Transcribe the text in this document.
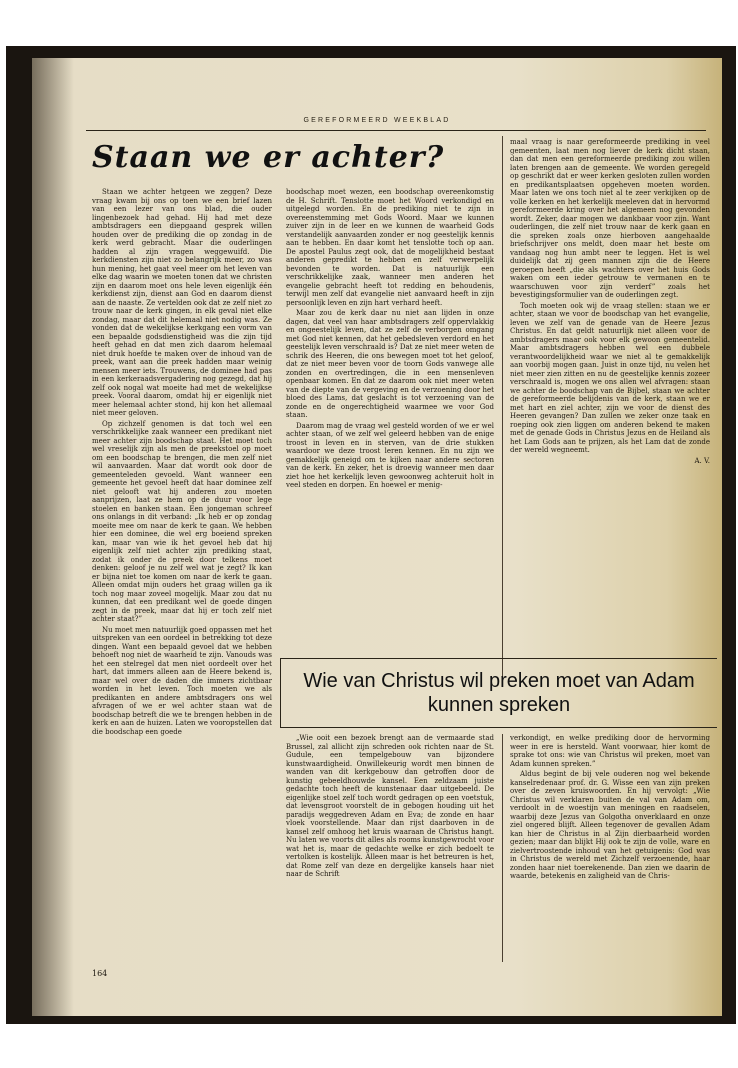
GEREFORMEERD WEEKBLAD
Staan we er achter?

Staan we achter hetgeen we zeggen? Deze vraag kwam bij ons op toen we een brief lazen van een lezer van ons blad, die ouder lingenbezoek had gehad. Hij had met deze ambtsdragers een diepgaand gesprek willen houden over de prediking die op zondag in de kerk werd gebracht. Maar die ouderlingen hadden al zijn vragen weggewuifd. Die kerkdiensten zijn niet zo belangrijk meer, zo was hun mening, het gaat veel meer om het leven van elke dag waarin we moeten tonen dat we christen zijn en daarom moet ons hele leven eigenlijk één kerkdienst zijn, dienst aan God en daarom dienst aan de naaste. Ze vertelden ook dat ze zelf niet zo trouw naar de kerk gingen, in elk geval niet elke zondag, maar dat dit helemaal niet nodig was. Ze vonden dat de wekelijkse kerkgang een vorm van een bepaalde godsdienstigheid was die zijn tijd heeft gehad en dat men zich daarom helemaal niet druk hoefde te maken over de inhoud van de preek, want aan die preek hadden maar weinig mensen meer iets. Trouwens, de dominee had pas in een kerkeraadsvergadering nog gezegd, dat hij zelf ook nogal wat moeite had met de wekelijkse preek. Vooral daarom, omdat hij er eigenlijk niet meer helemaal achter stond, hij kon het allemaal niet meer geloven.

Op zichzelf genomen is dat toch wel een verschrikkelijke zaak wanneer een predikant niet meer achter zijn boodschap staat. Het moet toch wel vreselijk zijn als men de preekstoel op moet om een boodschap te brengen, die men zelf niet wil aanvaarden. Maar dat wordt ook door de gemeenteleden gevoeld. Want wanneer een gemeente het gevoel heeft dat haar dominee zelf niet gelooft wat hij anderen zou moeten aanprijzen, laat ze hem op de duur voor lege stoelen en banken staan. Een jongeman schreef ons onlangs in dit verband: „Ik heb er op zondag moeite mee om naar de kerk te gaan. We hebben hier een dominee, die wel erg boeiend spreken kan, maar van wie ik het gevoel heb dat hij eigenlijk zelf niet achter zijn prediking staat, zodat ik onder de preek door telkens moet denken: geloof je nu zelf wel wat je zegt? Ik kan er bijna niet toe komen om naar de kerk te gaan. Alleen omdat mijn ouders het graag willen ga ik toch nog maar zoveel mogelijk. Maar zou dat nu kunnen, dat een predikant wel de goede dingen zegt in de preek, maar dat hij er toch zelf niet achter staat?”

Nu moet men natuurlijk goed oppassen met het uitspreken van een oordeel in betrekking tot deze dingen. Want een bepaald gevoel dat we hebben behoeft nog niet de waarheid te zijn. Vanouds was het een stelregel dat men niet oordeelt over het hart, dat immers alleen aan de Heere bekend is, maar wel over de daden die immers zichtbaar worden in het leven. Toch moeten we als predikanten en andere ambtsdragers ons wel afvragen of we er wel achter staan wat de boodschap betreft die we te brengen hebben in de kerk en aan de huizen. Laten we vooropstellen dat die boodschap een goede

boodschap moet wezen, een boodschap overeenkomstig de H. Schrift. Tenslotte moet het Woord verkondigd en uitgelegd worden. En de prediking niet te zijn in overeenstemming met Gods Woord. Maar we kunnen zuiver zijn in de leer en we kunnen de waarheid Gods verstandelijk aanvaarden zonder er nog geestelijk kennis aan te hebben. En daar komt het tenslotte toch op aan. De apostel Paulus zegt ook, dat de mogelijkheid bestaat anderen gepredikt te hebben en zelf verwerpelijk bevonden te worden. Dat is natuurlijk een verschrikkelijke zaak, wanneer men anderen het evangelie gebracht heeft tot redding en behoudenis, terwijl men zelf dat evangelie niet aanvaard heeft in zijn persoonlijk leven en zijn hart verhard heeft.

Maar zou de kerk daar nu niet aan lijden in onze dagen, dat veel van haar ambtsdragers zelf oppervlakkig en ongeestelijk leven, dat ze zelf de verborgen omgang met God niet kennen, dat het gebedsleven verdord en het geestelijk leven verschraald is? Dat ze niet meer weten de schrik des Heeren, die ons bewegen moet tot het geloof, dat ze niet meer beven voor de toorn Gods vanwege alle zonden en overtredingen, die in een mensenleven openbaar komen. En dat ze daarom ook niet meer weten van de diepte van de vergeving en de verzoening door het bloed des Lams, dat geslacht is tot verzoening van de zonde en de ongerechtigheid waarmee we voor God staan.

Daarom mag de vraag wel gesteld worden of we er wel achter staan, of we zelf wel geleerd hebben van de enige troost in leven en in sterven, van de drie stukken waardoor we deze troost leren kennen. En nu zijn we gemakkelijk geneigd om te kijken naar andere sectoren van de kerk. En zeker, het is droevig wanneer men daar ziet hoe het kerkelijk leven gewoonweg achteruit holt in veel steden en dorpen. En hoewel er menig-

maal vraag is naar gereformeerde prediking in veel gemeenten, laat men nog liever de kerk dicht staan, dan dat men een gereformeerde prediking zou willen laten brengen aan de gemeente. We worden geregeld op geschrikt dat er weer kerken gesloten zullen worden en predikantsplaatsen opgeheven moeten worden. Maar laten we ons toch niet al te zeer verkijken op de volle kerken en het kerkelijk meeleven dat in hervormd gereformeerde kring over het algemeen nog gevonden wordt. Zeker, daar mogen we dankbaar voor zijn. Want ouderlingen, die zelf niet trouw naar de kerk gaan en die spreken zoals onze hierboven aangehaalde briefschrijver ons meldt, doen maar het beste om vandaag nog hun ambt neer te leggen. Het is wel duidelijk dat zij geen mannen zijn die de Heere geroepen heeft „die als wachters over het huis Gods waken om een ieder getrouw te vermanen en te waarschuwen voor zijn verderf” zoals het bevestigingsformulier van de ouderlingen zegt.

Toch moeten ook wij de vraag stellen: staan we er achter, staan we voor de boodschap van het evangelie, leven we zelf van de genade van de Heere Jezus Christus. En dat geldt natuurlijk niet alleen voor de ambtsdragers maar ook voor elk gewoon gemeentelid. Maar ambtsdragers hebben wel een dubbele verantwoordelijkheid waar we niet al te gemakkelijk aan voorbij mogen gaan. Juist in onze tijd, nu velen het niet meer zien zitten en nu de geestelijke kennis zozeer verschraald is, mogen we ons allen wel afvragen: staan we achter de boodschap van de Bijbel, staan we achter de gereformeerde belijdenis van de kerk, staan we er met hart en ziel achter, zijn we voor de dienst des Heeren gevangen? Dan zullen we zeker onze taak en roeping ook zien liggen om anderen bekend te maken met de genade Gods in Christus Jezus en de Heiland als het Lam Gods aan te prijzen, als het Lam dat de zonde der wereld wegneemt.

A. V.
Wie van Christus wil preken moet van Adam kunnen spreken

„Wie ooit een bezoek brengt aan de vermaarde stad Brussel, zal allicht zijn schreden ook richten naar de St. Gudule, een tempelgebouw van bijzondere kunstwaardigheid. Onwillekeurig wordt men binnen de wanden van dit kerkgebouw dan getroffen door de kunstig gebeeldhouwde kansel. Een zeldzaam juiste gedachte toch heeft de kunstenaar daar uitgebeeld. De eigenlijke stoel zelf toch wordt gedragen op een voetstuk, dat levensgroot voorstelt de in gebogen houding uit het paradijs weggedreven Adam en Eva; de zonde en haar vloek voorstellende. Maar dan rijst daarboven in de kansel zelf omhoog het kruis waaraan de Christus hangt. Nu laten we voorts dit alles als rooms kunstgewrocht voor wat het is, maar de gedachte welke er zich bedoelt te vertolken is kostelijk. Alleen maar is het betreuren is het, dat Rome zelf van deze en dergelijke kansels haar niet naar de Schrift

verkondigt, en welke prediking door de hervorming weer in ere is hersteld. Want voorwaar, hier komt de sprake tot ons: wie van Christus wil preken, moet van Adam kunnen spreken.”

Aldus begint de bij vele ouderen nog wel bekende kanselredenaar prof. dr. G. Wisse een van zijn preken over de zeven kruiswoorden. En hij vervolgt: „Wie Christus wil verklaren buiten de val van Adam om, verdoolt in de woestijn van meningen en raadselen, waarbij deze Jezus van Golgotha onverklaard en onze ziel ongered blijft. Alleen tegenover de gevallen Adam kan hier de Christus in al Zijn dierbaarheid worden gezien; maar dan blijkt Hij ook te zijn de volle, ware en zielvertroostende inhoud van het getuigenis: God was in Christus de wereld met Zichzelf verzoenende, haar zonden haar niet toerekenende. Dan zien we daarin de waarde, betekenis en zaligheid van de Chris-

164
